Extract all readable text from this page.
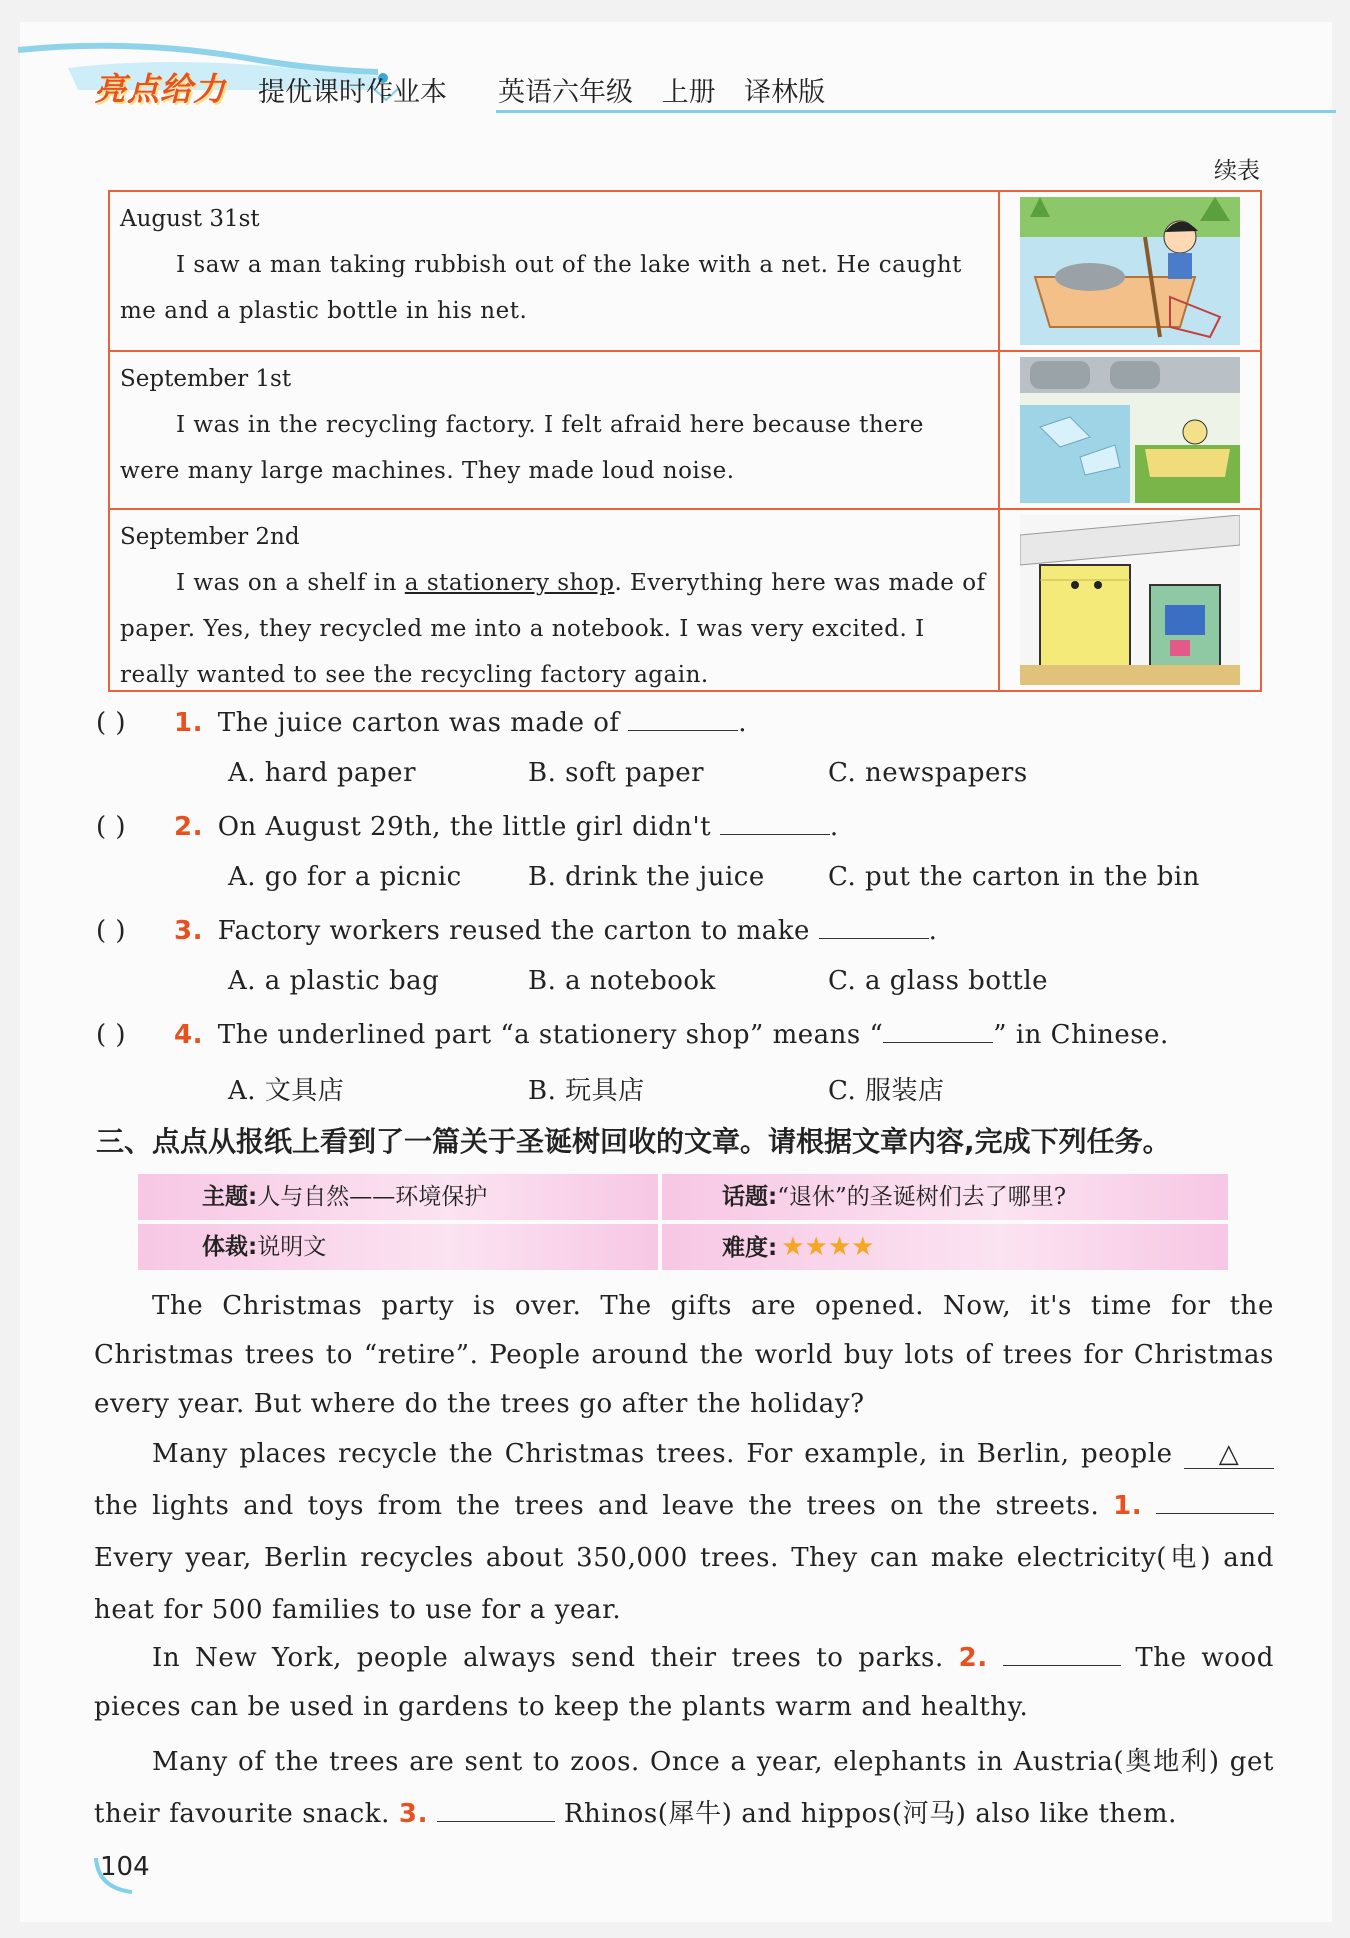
亮点给力 提优课时作业本 英语六年级 上册 译林版
续表
August 31st
I saw a man taking rubbish out of the lake with a net. He caught me and a plastic bottle in his net.
September 1st
I was in the recycling factory. I felt afraid here because there were many large machines. They made loud noise.
September 2nd
I was on a shelf in a stationery shop. Everything here was made of paper. Yes, they recycled me into a notebook. I was very excited. I really wanted to see the recycling factory again.
( ) 1. The juice carton was made of	.
A. hard paper	B. soft paper	C. newspapers
( ) 2. On August 29th, the little girl didn't	.
A. go for a picnic	B. drink the juice C. put the carton in the bin
( ) 3. Factory workers reused the carton to make	.
A. a plastic bag	B. a notebook	C. a glass bottle
( ) 4. The underlined part “a stationery shop” means “	” in Chinese.
A. 文具店	B. 玩具店	C. 服装店
三、点点从报纸上看到了一篇关于圣诞树回收的文章。请根据文章内容,完成下列任务。
主题:人与自然——环境保护	话题:“退休”的圣诞树们去了哪里?
体裁:说明文	难度: ★★★★
The Christmas party is over. The gifts are opened. Now, it's time for the Christmas trees to “retire”. People around the world buy lots of trees for Christmas every year. But where do the trees go after the holiday?
Many places recycle the Christmas trees. For example, in Berlin, people △ the lights and toys from the trees and leave the trees on the streets. 1.  Every year, Berlin recycles about 350,000 trees. They can make electricity(电) and heat for 500 families to use for a year.
In New York, people always send their trees to parks. 2.	The wood pieces can be used in gardens to keep the plants warm and healthy.
Many of the trees are sent to zoos. Once a year, elephants in Austria(奥地利) get their favourite snack. 3.	Rhinos(犀牛) and hippos(河马) also like them.
104
